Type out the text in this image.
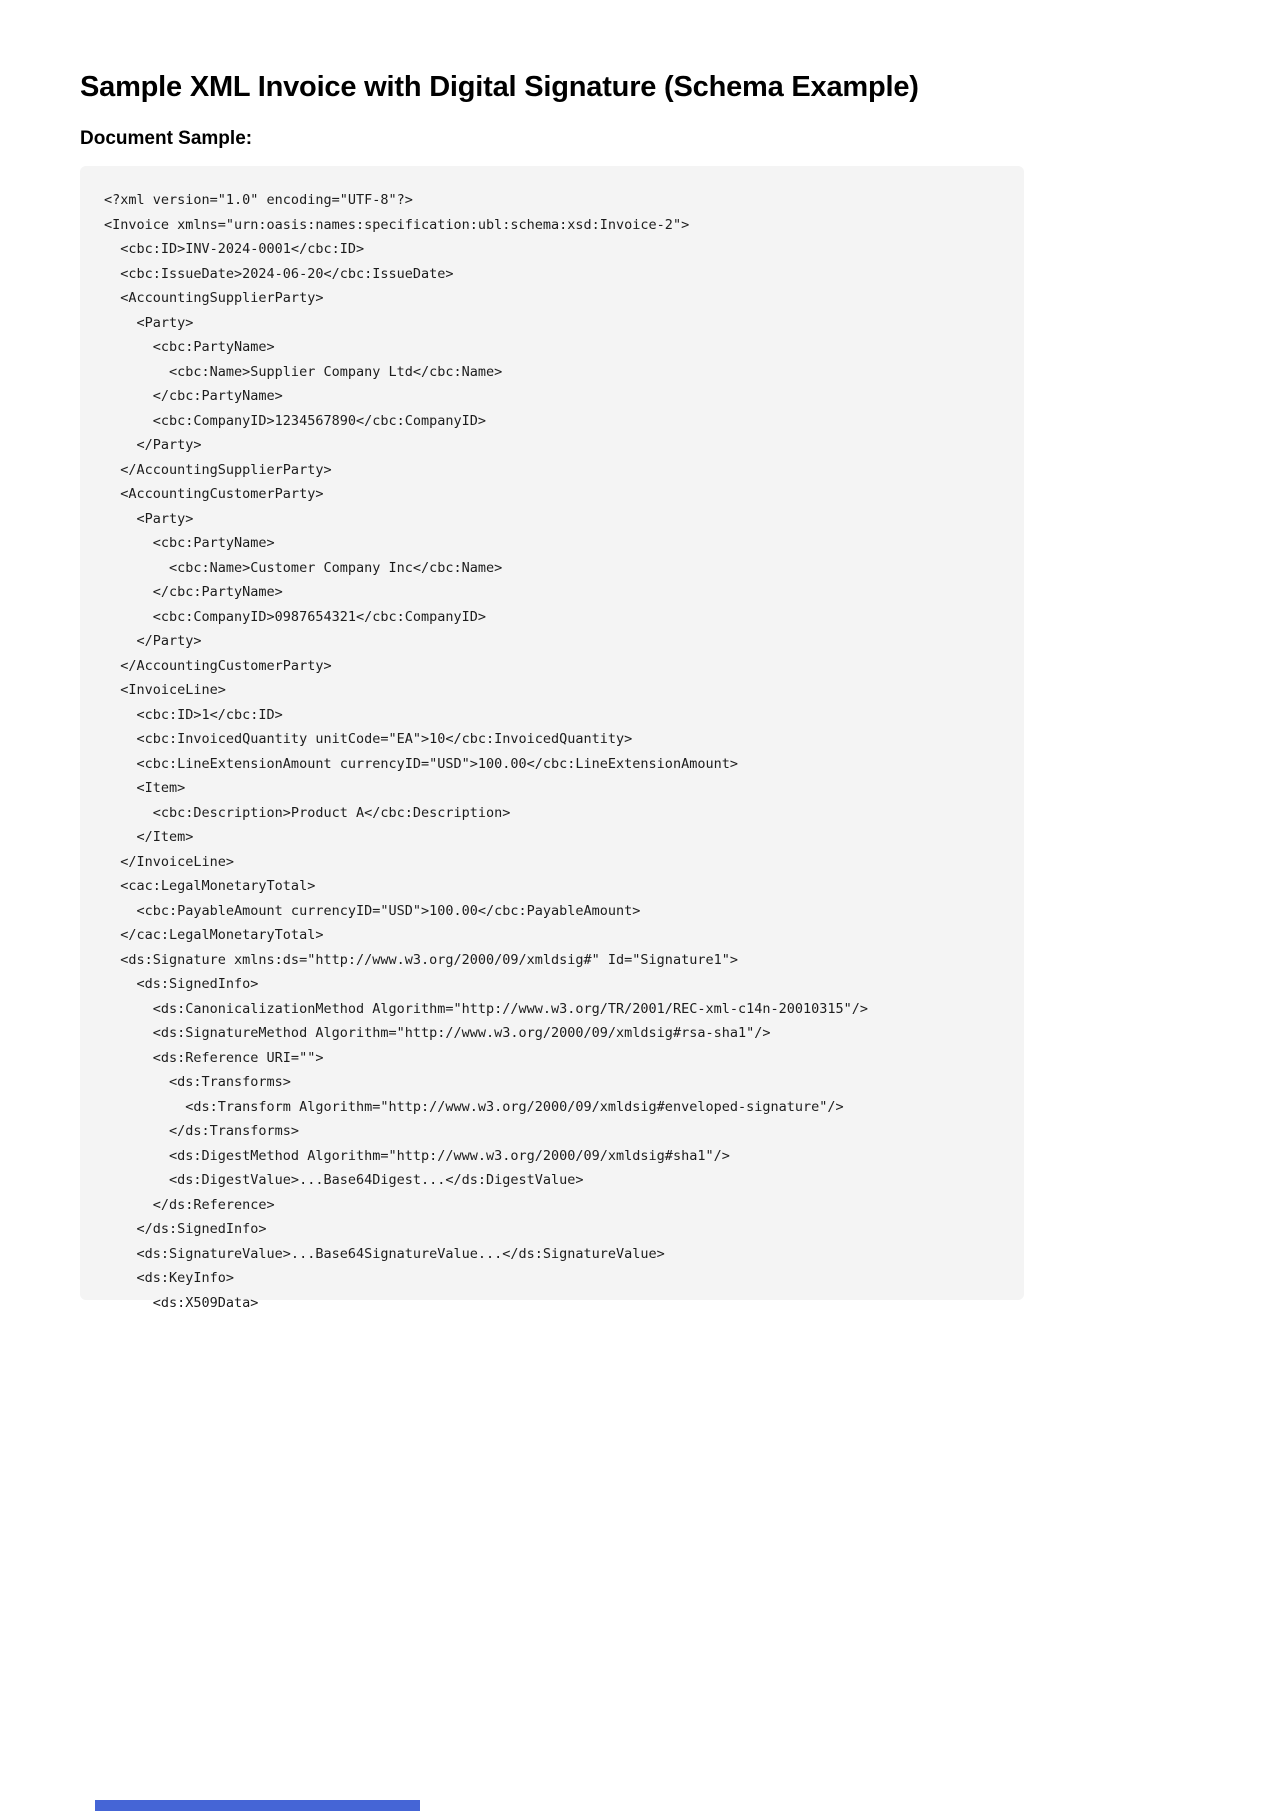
Sample XML Invoice with Digital Signature (Schema Example)
Document Sample:
<?xml version="1.0" encoding="UTF-8"?>
<Invoice xmlns="urn:oasis:names:specification:ubl:schema:xsd:Invoice-2">
<cbc:ID>INV-2024-0001</cbc:ID>
<cbc:IssueDate>2024-06-20</cbc:IssueDate>
<AccountingSupplierParty>
<Party>
<cbc:PartyName>
<cbc:Name>Supplier Company Ltd</cbc:Name>
</cbc:PartyName>
<cbc:CompanyID>1234567890</cbc:CompanyID>
</Party>
</AccountingSupplierParty>
<AccountingCustomerParty>
<Party>
<cbc:PartyName>
<cbc:Name>Customer Company Inc</cbc:Name>
</cbc:PartyName>
<cbc:CompanyID>0987654321</cbc:CompanyID>
</Party>
</AccountingCustomerParty>
<InvoiceLine>
<cbc:ID>1</cbc:ID>
<cbc:InvoicedQuantity unitCode="EA">10</cbc:InvoicedQuantity>
<cbc:LineExtensionAmount currencyID="USD">100.00</cbc:LineExtensionAmount>
<Item>
<cbc:Description>Product A</cbc:Description>
</Item>
</InvoiceLine>
<cac:LegalMonetaryTotal>
<cbc:PayableAmount currencyID="USD">100.00</cbc:PayableAmount>
</cac:LegalMonetaryTotal>
<ds:Signature xmlns:ds="http://www.w3.org/2000/09/xmldsig#" Id="Signature1">
<ds:SignedInfo>
<ds:CanonicalizationMethod Algorithm="http://www.w3.org/TR/2001/REC-xml-c14n-20010315"/>
<ds:SignatureMethod Algorithm="http://www.w3.org/2000/09/xmldsig#rsa-sha1"/>
<ds:Reference URI="">
<ds:Transforms>
<ds:Transform Algorithm="http://www.w3.org/2000/09/xmldsig#enveloped-signature"/>
</ds:Transforms>
<ds:DigestMethod Algorithm="http://www.w3.org/2000/09/xmldsig#sha1"/>
<ds:DigestValue>...Base64Digest...</ds:DigestValue>
</ds:Reference>
</ds:SignedInfo>
<ds:SignatureValue>...Base64SignatureValue...</ds:SignatureValue>
<ds:KeyInfo>
<ds:X509Data>
